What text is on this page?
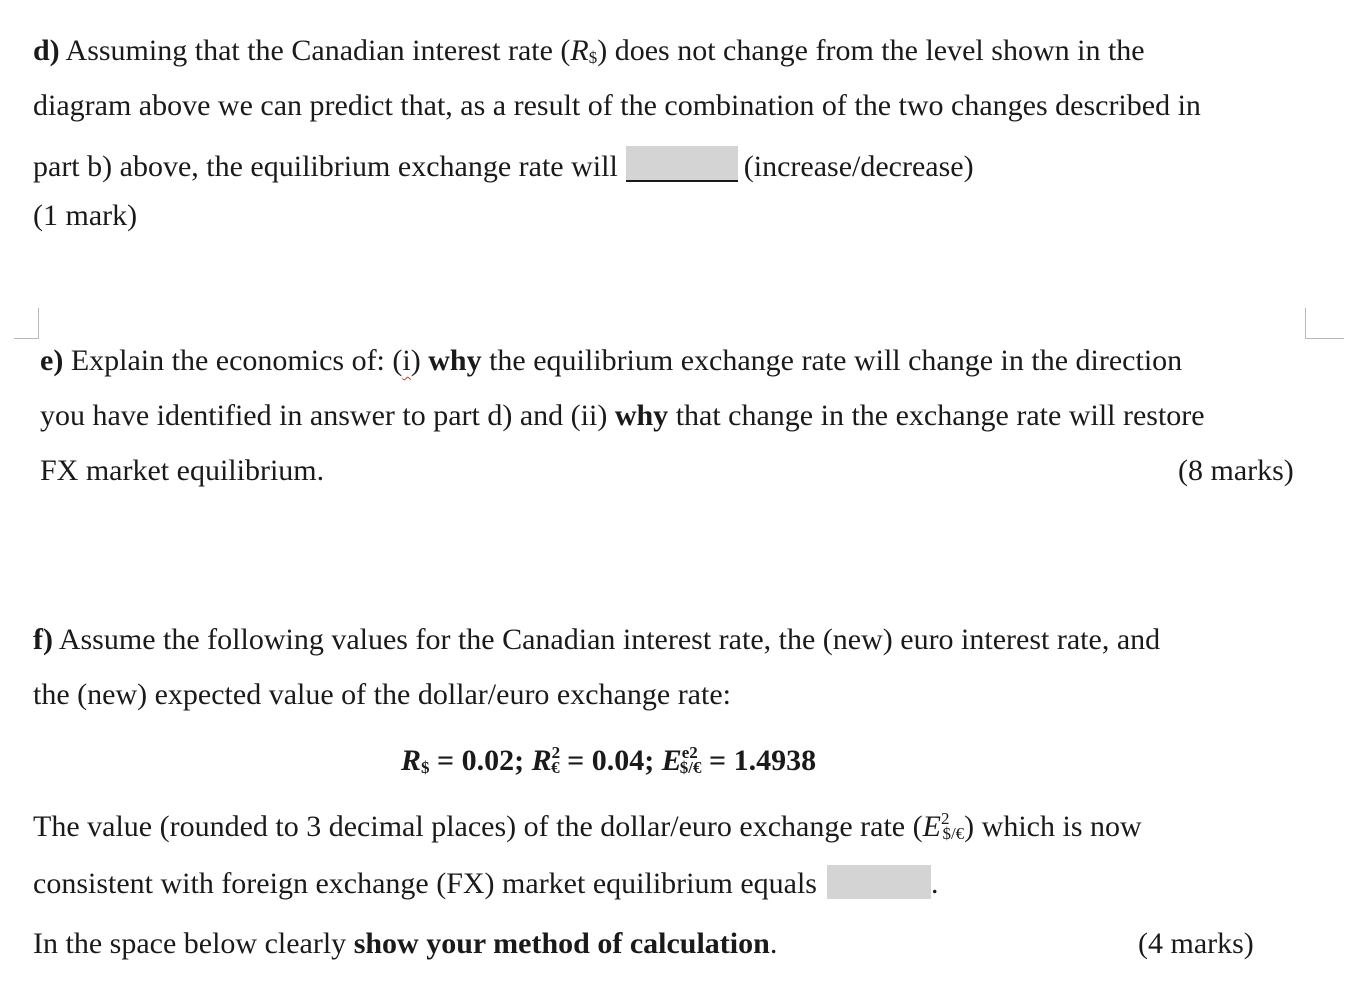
d) Assuming that the Canadian interest rate (R$) does not change from the level shown in the
diagram above we can predict that, as a result of the combination of the two changes described in
part b) above, the equilibrium exchange rate will	(increase/decrease)
(1 mark)
e) Explain the economics of: (i) why the equilibrium exchange rate will change in the direction
you have identified in answer to part d) and (ii) why that change in the exchange rate will restore
FX market equilibrium.	(8 marks)
f) Assume the following values for the Canadian interest rate, the (new) euro interest rate, and
the (new) expected value of the dollar/euro exchange rate:
R$ = 0.02; $R^2€ = 0.04$; $E^{e2}\$/€ = 1.4938$
The value (rounded to 3 decimal places) of the dollar/euro exchange rate $(E^2\$/€)$ which is now
consistent with foreign exchange (FX) market equilibrium equals	.
In the space below clearly show your method of calculation.	(4 marks)
